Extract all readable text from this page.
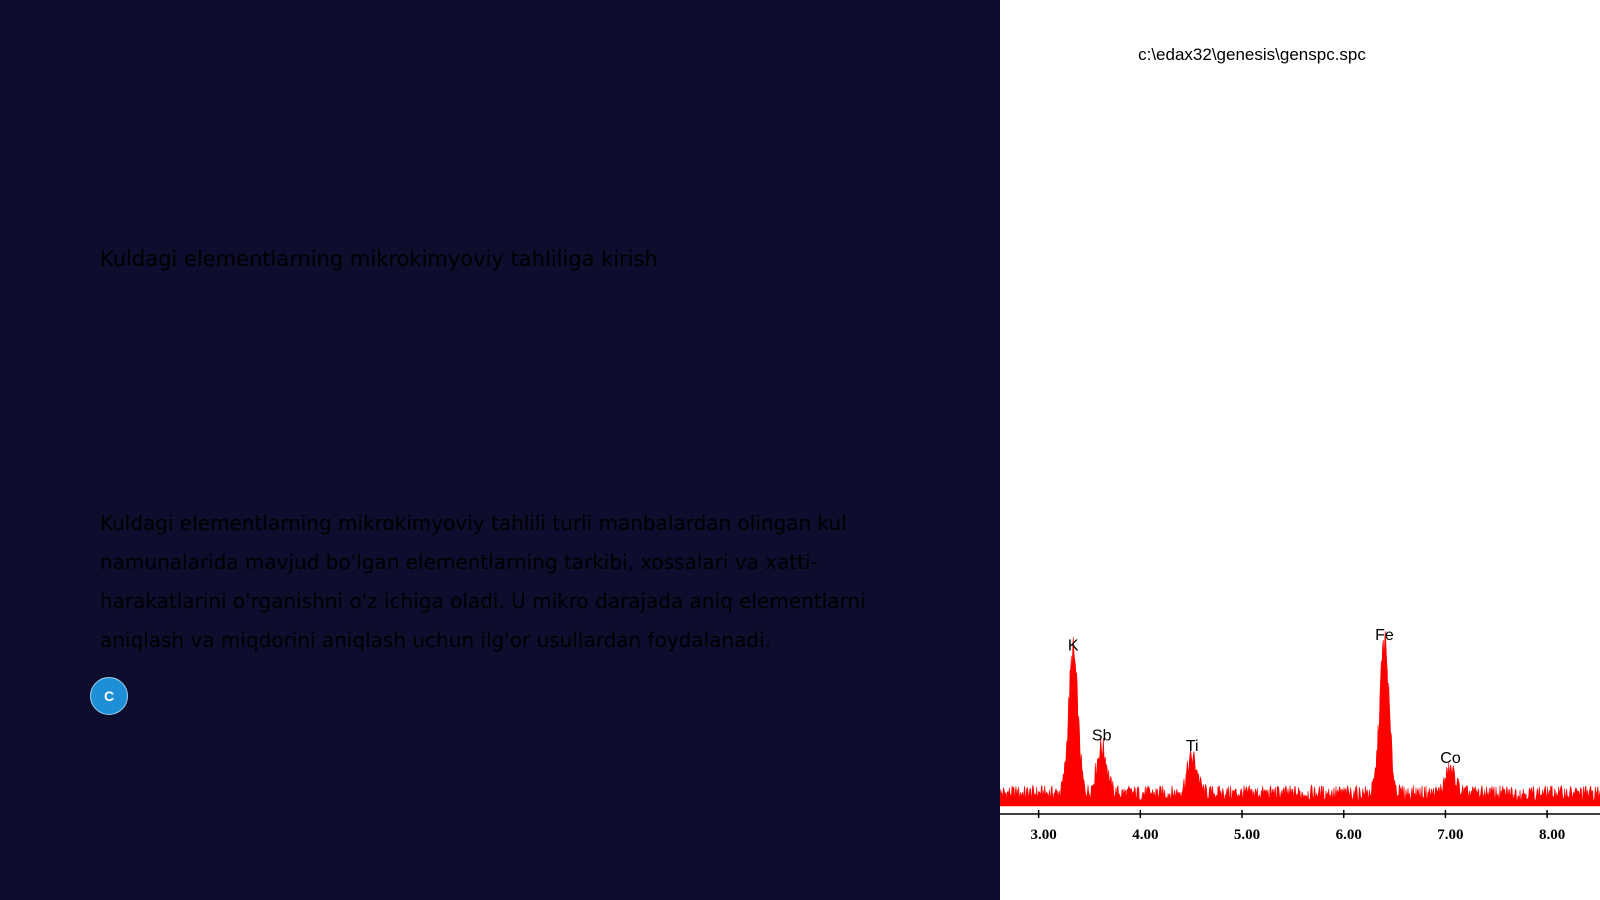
Kuldagi elementlarning mikrokimyoviy tahliliga kirish
Kuldagi elementlarning mikrokimyoviy tahlili turli manbalardan olingan kul namunalarida mavjud bo'lgan elementlarning tarkibi, xossalari va xatti-harakatlarini o'rganishni o'z ichiga oladi. U mikro darajada aniq elementlarni aniqlash va miqdorini aniqlash uchun ilg'or usullardan foydalanadi.
C
c:\edax32\genesis\genspc.spc
3.00	4.00	5.00	6.00	7.00	8.00
K
Sb
Ti
Fe
Co
